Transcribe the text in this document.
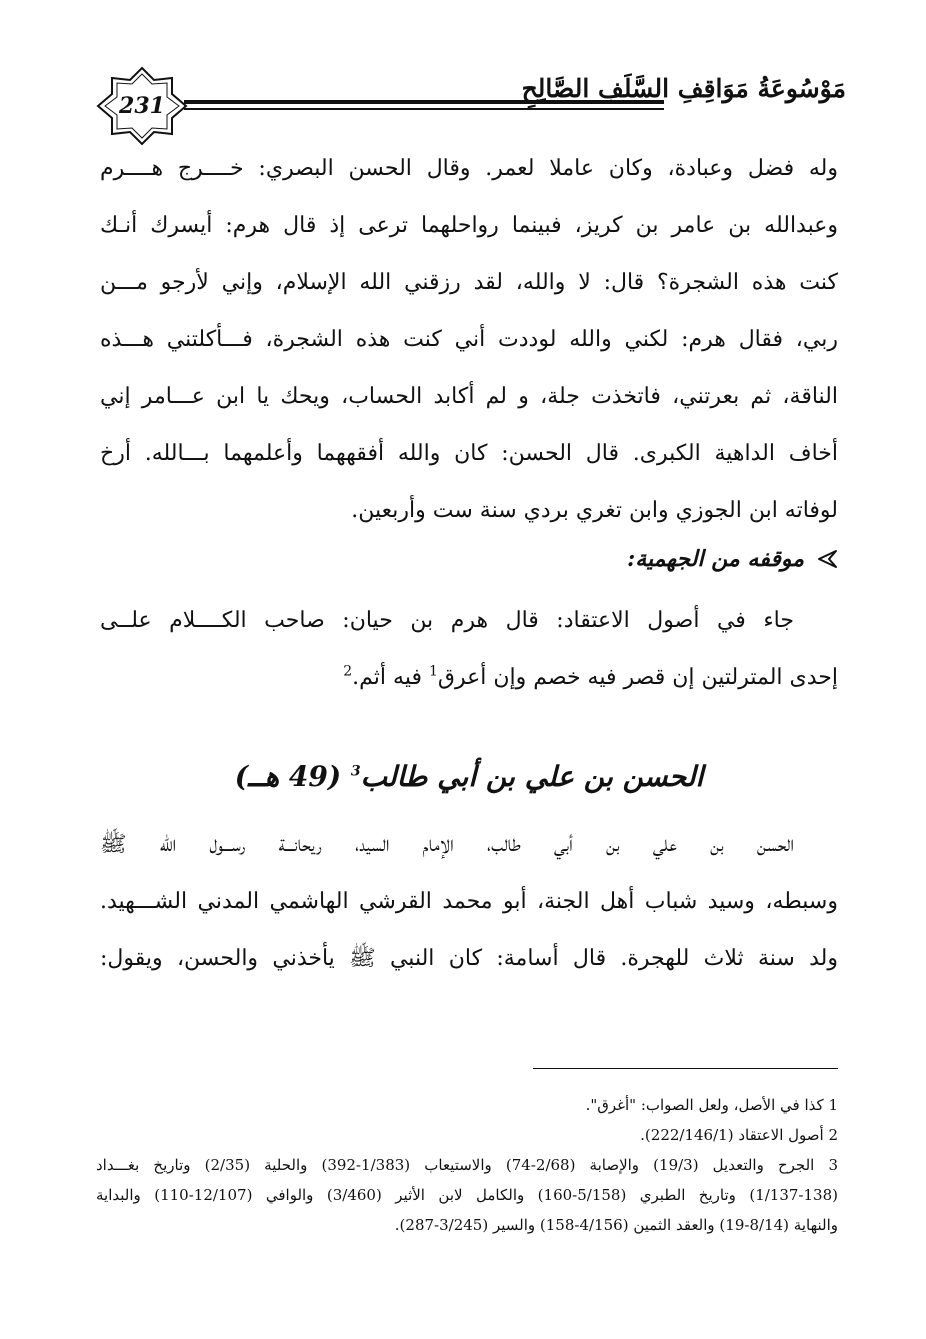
231
مَوْسُوعَةُ مَوَاقِفِ السَّلَفِ الصَّالِحِ
وله فضل وعبادة، وكان عاملا لعمر. وقال الحسن البصري: خــــرج هــــرم
وعبدالله بن عامر بن كريز، فبينما رواحلهما ترعى إذ قال هرم: أيسرك أنـك
كنت هذه الشجرة؟ قال: لا والله، لقد رزقني الله الإسلام، وإني لأرجو مـــن
ربي، فقال هرم: لكني والله لوددت أني كنت هذه الشجرة، فـــأكلتني هـــذه
الناقة، ثم بعرتني، فاتخذت جلة، و لم أكابد الحساب، ويحك يا ابن عـــامر إني
أخاف الداهية الكبرى. قال الحسن: كان والله أفقههما وأعلمهما بـــالله. أرخ
لوفاته ابن الجوزي وابن تغري بردي سنة ست وأربعين.
موقفه من الجهمية:
جاء في أصول الاعتقاد: قال هرم بن حيان: صاحب الكــــلام علــى
إحدى المترلتين إن قصر فيه خصم وإن أعرق$^1$ فيه أثم.$^2$
الحسن بن علي بن أبي طالب$^3$ (49 هــ)
الحسن بن علي بن أبي طالب، الإمام السيد، ريحانـــة رســـول الله ﷺ
وسبطه، وسيد شباب أهل الجنة، أبو محمد القرشي الهاشمي المدني الشـــهيد.
ولد سنة ثلاث للهجرة. قال أسامة: كان النبي ﷺ يأخذني والحسن، ويقول:
1 كذا في الأصل، ولعل الصواب: "أغرق".
2 أصول الاعتقاد (222/146/1).
3 الجرح والتعديل (19/3) والإصابة (2/68-74) والاستيعاب (1/383-392) والحلية (2/35) وتاريخ بغـــداد
(1/137-138) وتاريخ الطبري (5/158-160) والكامل لابن الأثير (3/460) والوافي (12/107-110) والبداية
والنهاية (8/14-19) والعقد الثمين (4/156-158) والسير (3/245-287).
